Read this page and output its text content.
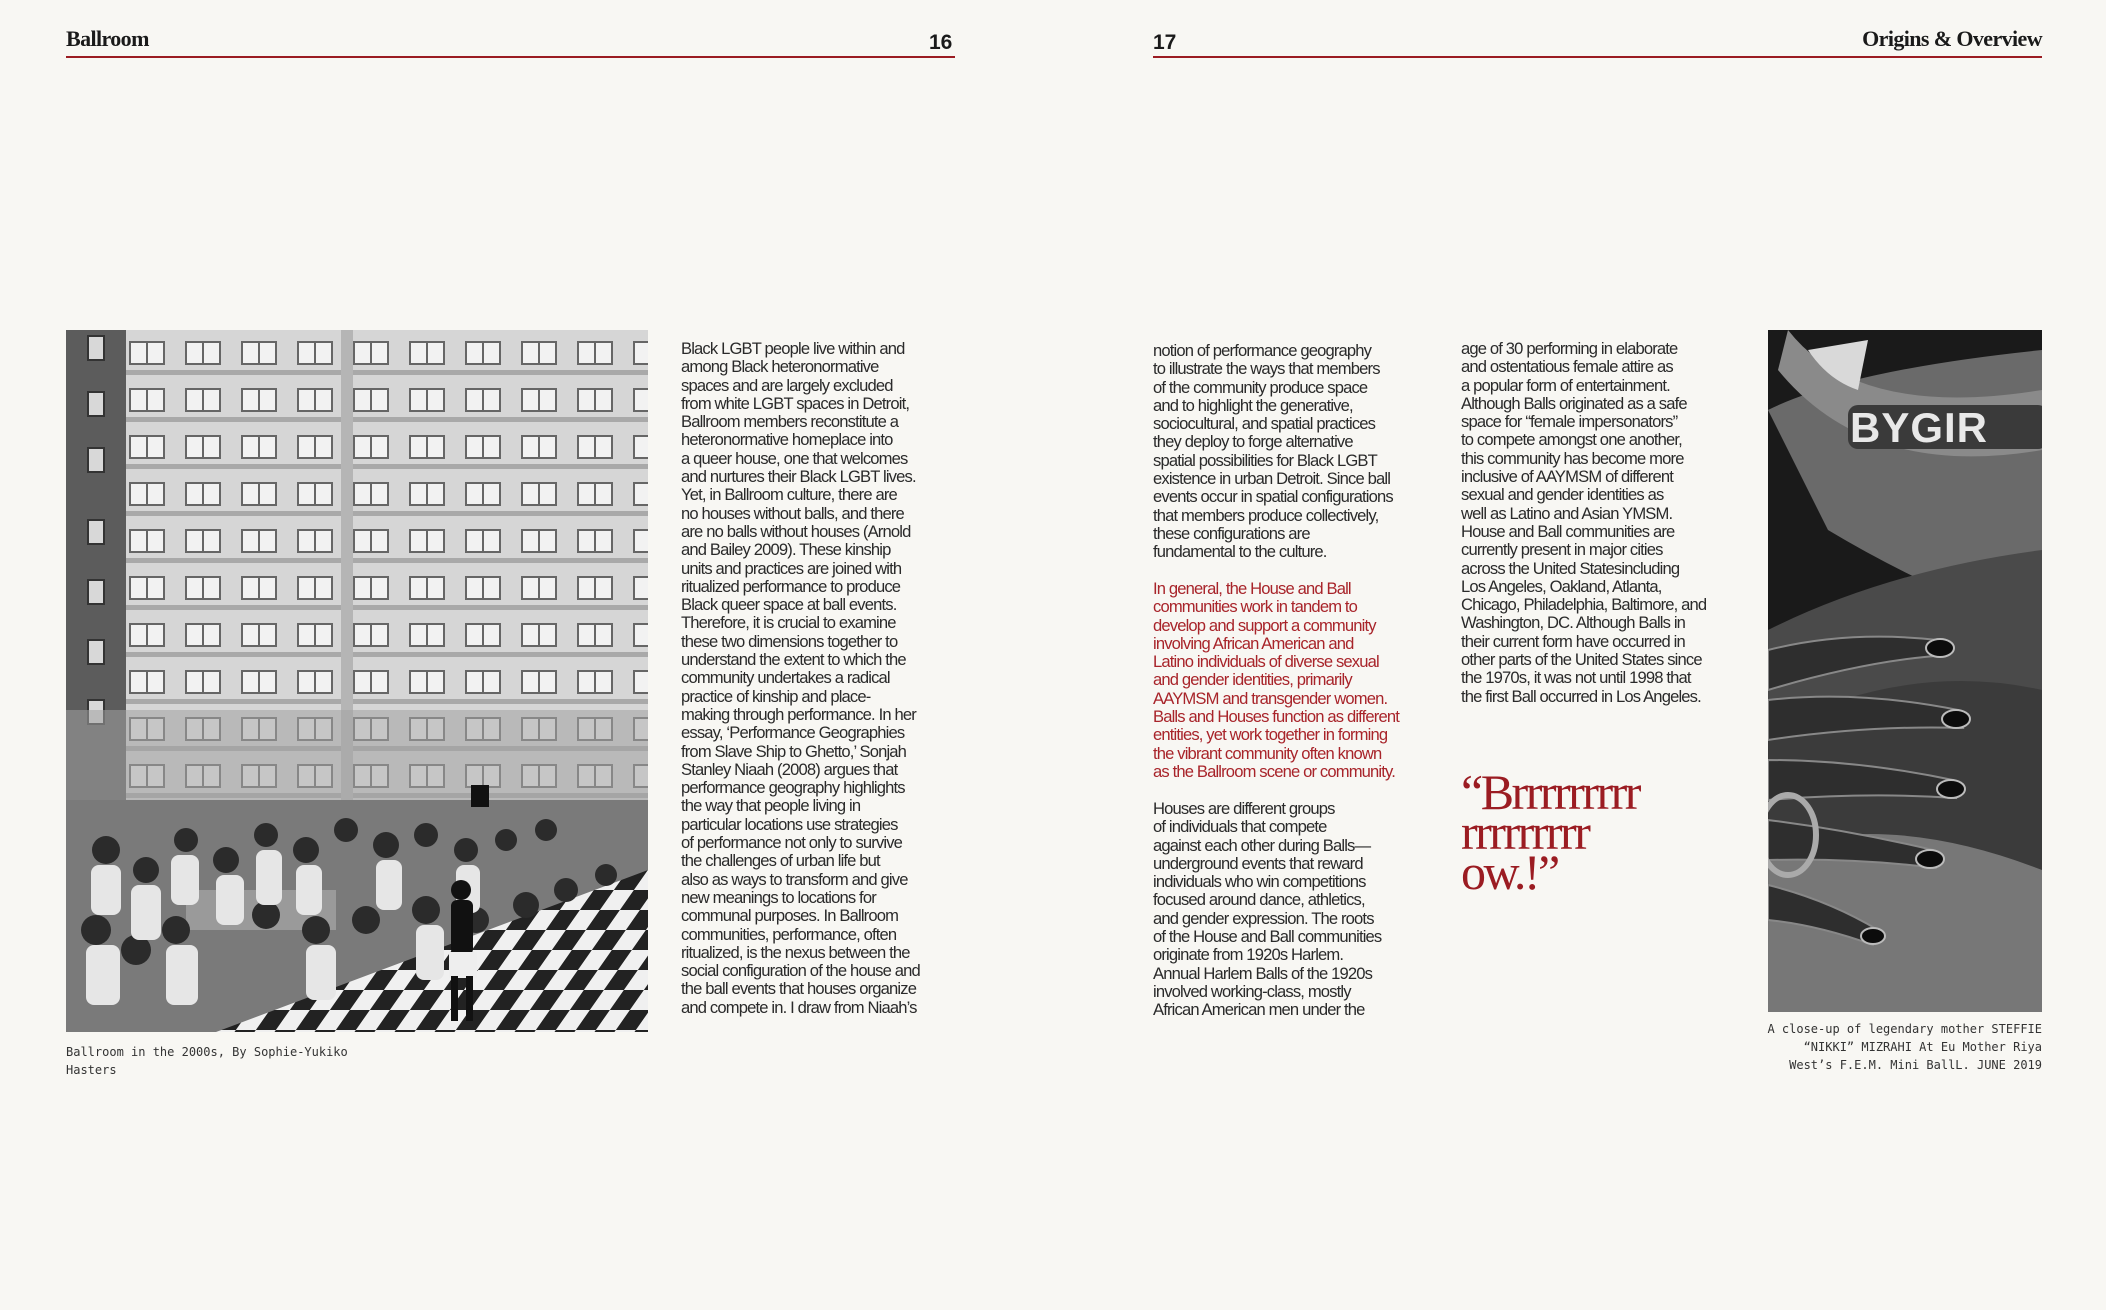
Ballroom	16	17	Origins & Overview

Ballroom in the 2000s, By Sophie-Yukiko
Hasters

Black LGBT people live within and
among Black heteronormative
spaces and are largely excluded
from white LGBT spaces in Detroit,
Ballroom members reconstitute a
heteronormative homeplace into
a queer house, one that welcomes
and nurtures their Black LGBT lives.
Yet, in Ballroom culture, there are
no houses without balls, and there
are no balls without houses (Arnold
and Bailey 2009). These kinship
units and practices are joined with
ritualized performance to produce
Black queer space at ball events.
Therefore, it is crucial to examine
these two dimensions together to
understand the extent to which the
community undertakes a radical
practice of kinship and place-
making through performance. In her
essay, ‘Performance Geographies
from Slave Ship to Ghetto,’ Sonjah
Stanley Niaah (2008) argues that
performance geography highlights
the way that people living in
particular locations use strategies
of performance not only to survive
the challenges of urban life but
also as ways to transform and give
new meanings to locations for
communal purposes. In Ballroom
communities, performance, often
ritualized, is the nexus between the
social configuration of the house and
the ball events that houses organize
and compete in. I draw from Niaah’s

notion of performance geography
to illustrate the ways that members
of the community produce space
and to highlight the generative,
sociocultural, and spatial practices
they deploy to forge alternative
spatial possibilities for Black LGBT
existence in urban Detroit. Since ball
events occur in spatial configurations
that members produce collectively,
these configurations are
fundamental to the culture.

In general, the House and Ball
communities work in tandem to
develop and support a community
involving African American and
Latino individuals of diverse sexual
and gender identities, primarily
AAYMSM and transgender women.
Balls and Houses function as different
entities, yet work together in forming
the vibrant community often known
as the Ballroom scene or community.

Houses are different groups
of individuals that compete
against each other during Balls—
underground events that reward
individuals who win competitions
focused around dance, athletics,
and gender expression. The roots
of the House and Ball communities
originate from 1920s Harlem.
Annual Harlem Balls of the 1920s
involved working-class, mostly
African American men under the

age of 30 performing in elaborate
and ostentatious female attire as
a popular form of entertainment.
Although Balls originated as a safe
space for “female impersonators”
to compete amongst one another,
this community has become more
inclusive of AAYMSM of different
sexual and gender identities as
well as Latino and Asian YMSM.
House and Ball communities are
currently present in major cities
across the United Statesincluding
Los Angeles, Oakland, Atlanta,
Chicago, Philadelphia, Baltimore, and
Washington, DC. Although Balls in
their current form have occurred in
other parts of the United States since
the 1970s, it was not until 1998 that
the first Ball occurred in Los Angeles.

“Brrrrrrrrr
rrrrrrrrr
ow.!”

BYGIR

A close-up of legendary mother STEFFIE
“NIKKI” MIZRAHI At Eu Mother Riya
West’s F.E.M. Mini BallL. JUNE 2019
